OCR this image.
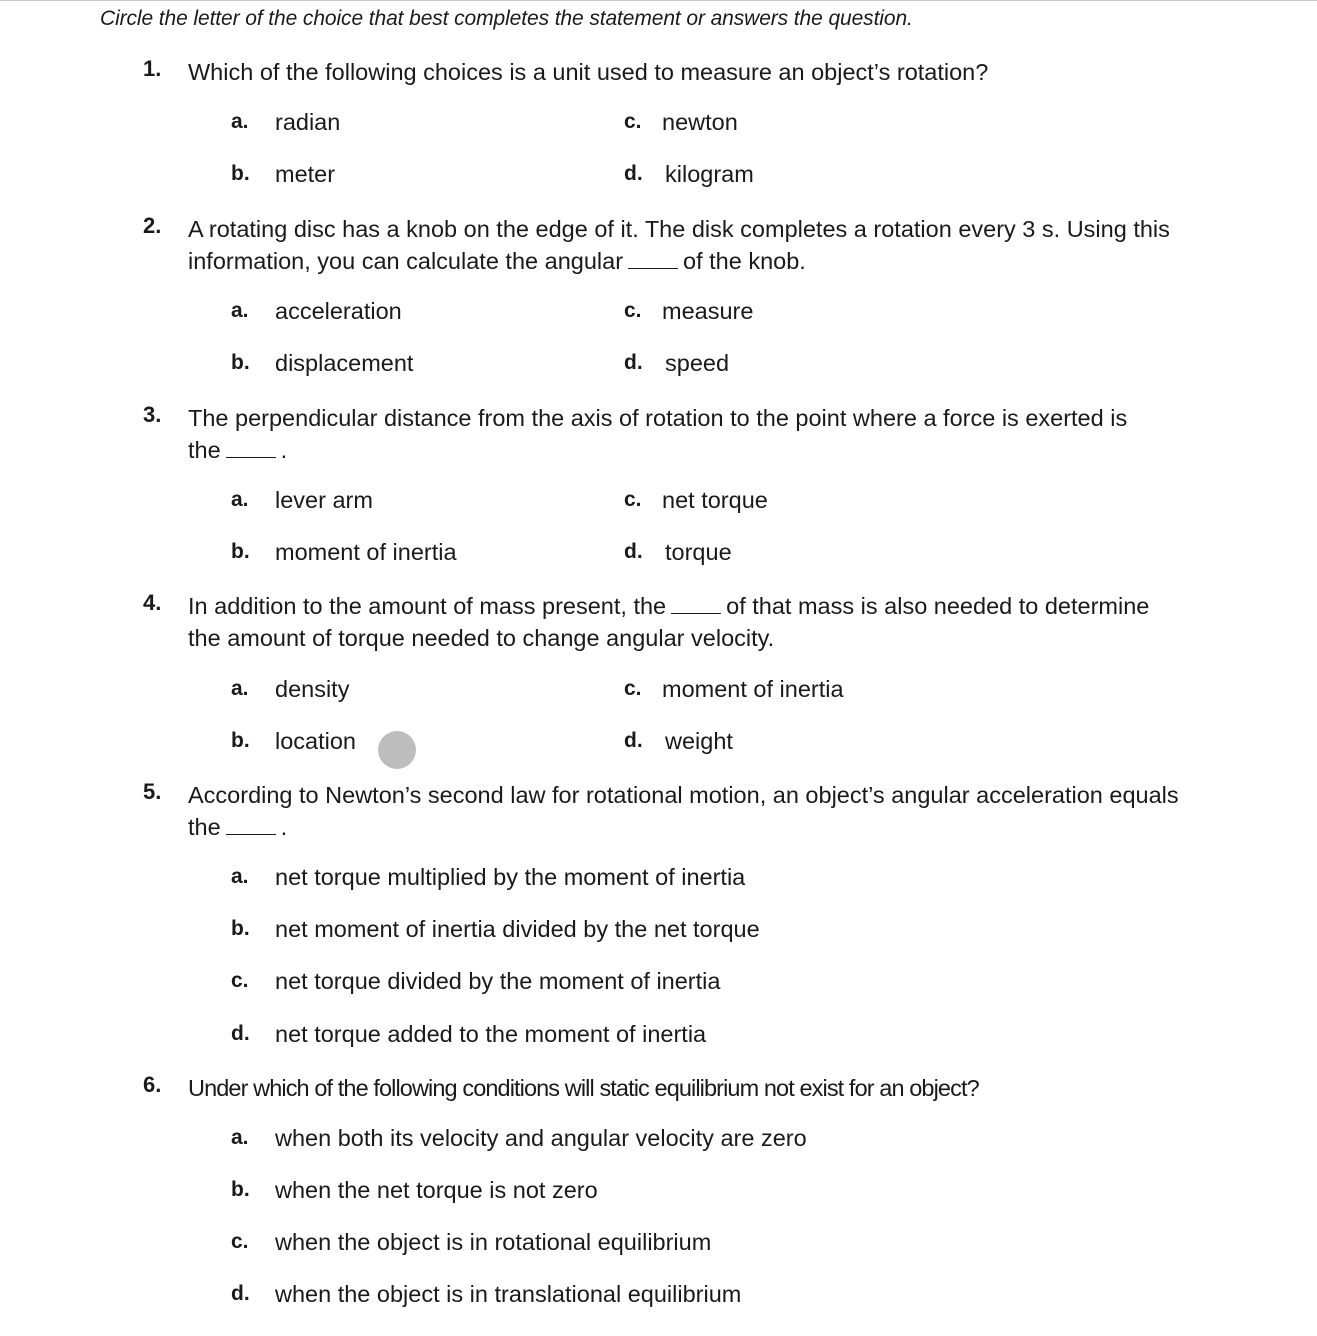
Circle the letter of the choice that best completes the statement or answers the question.
1. Which of the following choices is a unit used to measure an object’s rotation?
a. radian
b. meter
c. newton
d. kilogram
2. A rotating disc has a knob on the edge of it. The disk completes a rotation every 3 s. Using this
information, you can calculate the angular	of the knob.
a. acceleration
b. displacement
c. measure
d. speed
3. The perpendicular distance from the axis of rotation to the point where a force is exerted is
the	.
a. lever arm
b. moment of inertia
c. net torque
d. torque
4. In addition to the amount of mass present, the	of that mass is also needed to determine
the amount of torque needed to change angular velocity.
a. density
b. location
c. moment of inertia
d. weight
5. According to Newton’s second law for rotational motion, an object’s angular acceleration equals
the	.
a. net torque multiplied by the moment of inertia
b. net moment of inertia divided by the net torque
c. net torque divided by the moment of inertia
d. net torque added to the moment of inertia
6. Under which of the following conditions will static equilibrium not exist for an object?
a. when both its velocity and angular velocity are zero
b. when the net torque is not zero
c. when the object is in rotational equilibrium
d. when the object is in translational equilibrium
